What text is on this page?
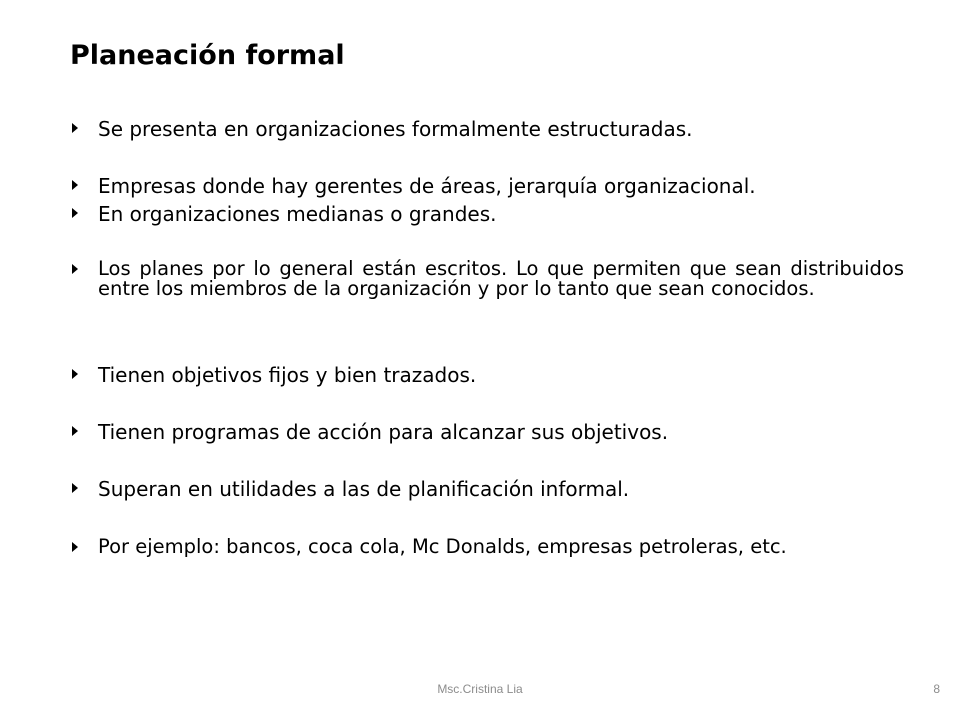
Planeación formal
Se presenta en organizaciones formalmente estructuradas.
Empresas donde hay gerentes de áreas, jerarquía organizacional.
En organizaciones medianas o grandes.
Los planes por lo general están escritos. Lo que permiten que sean distribuidos entre los miembros de la organización y por lo tanto que sean conocidos.
Tienen objetivos fijos y bien trazados.
Tienen programas de acción para alcanzar sus objetivos.
Superan en utilidades a las de planificación informal.
Por ejemplo: bancos, coca cola, Mc Donalds, empresas petroleras, etc.
Msc.Cristina Lia	8
